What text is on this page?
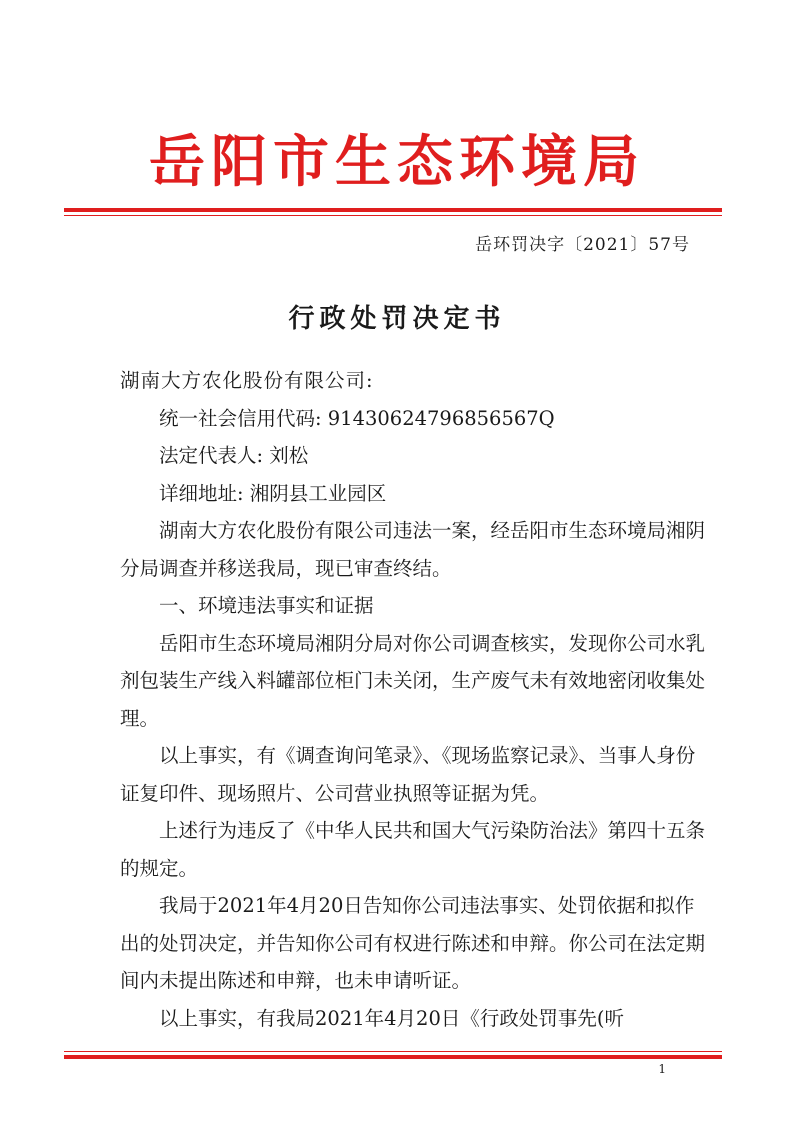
岳阳市生态环境局
岳环罚决字〔2021〕57号
行政处罚决定书

湖南大方农化股份有限公司:

统一社会信用代码: 91430624796856567Q

法定代表人: 刘松

详细地址: 湘阴县工业园区

湖南大方农化股份有限公司违法一案，经岳阳市生态环境局湘阴分局调查并移送我局，现已审查终结。

一、环境违法事实和证据

岳阳市生态环境局湘阴分局对你公司调查核实，发现你公司水乳剂包装生产线入料罐部位柜门未关闭，生产废气未有效地密闭收集处理。

以上事实，有《调查询问笔录》、《现场监察记录》、当事人身份证复印件、现场照片、公司营业执照等证据为凭。

上述行为违反了《中华人民共和国大气污染防治法》第四十五条的规定。

我局于2021年4月20日告知你公司违法事实、处罚依据和拟作出的处罚决定，并告知你公司有权进行陈述和申辩。你公司在法定期间内未提出陈述和申辩，也未申请听证。

以上事实，有我局2021年4月20日《行政处罚事先(听

1
